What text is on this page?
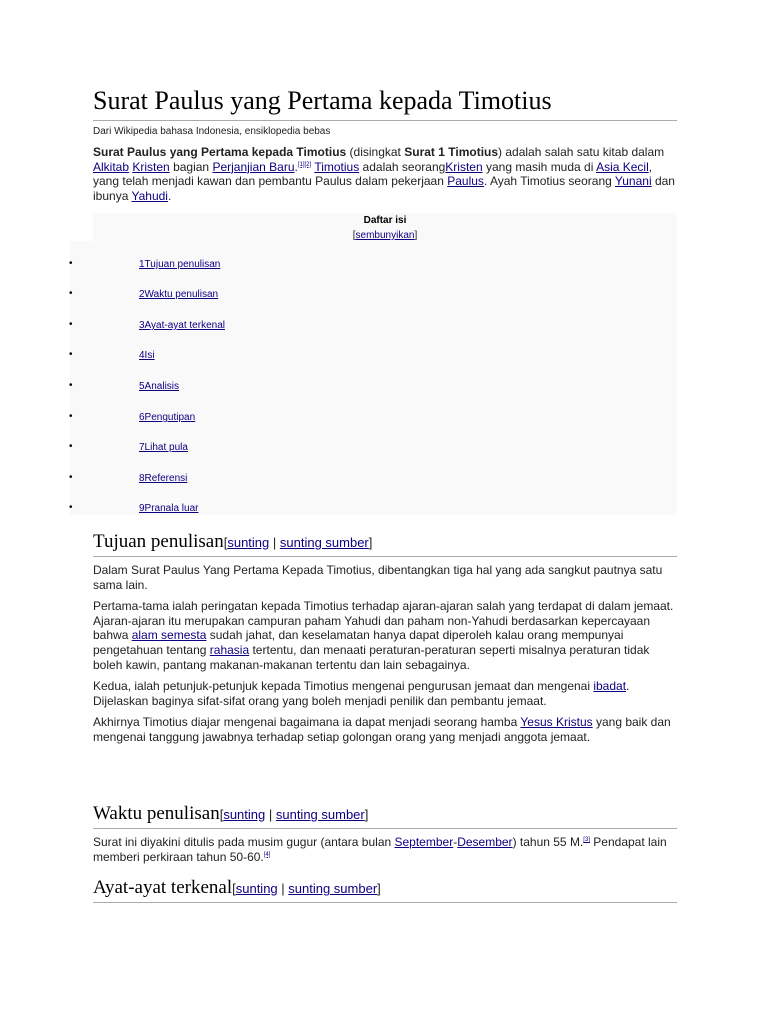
Surat Paulus yang Pertama kepada Timotius
Dari Wikipedia bahasa Indonesia, ensiklopedia bebas

Surat Paulus yang Pertama kepada Timotius (disingkat Surat 1 Timotius) adalah salah satu kitab dalam Alkitab Kristen bagian Perjanjian Baru.[1][2] Timotius adalah seorangKristen yang masih muda di Asia Kecil, yang telah menjadi kawan dan pembantu Paulus dalam pekerjaan Paulus. Ayah Timotius seorang Yunani dan ibunya Yahudi.

Daftar isi
[sembunyikan]
•	1Tujuan penulisan
•	2Waktu penulisan
•	3Ayat-ayat terkenal
•	4Isi
•	5Analisis
•	6Pengutipan
•	7Lihat pula
•	8Referensi
•	9Pranala luar
Tujuan penulisan[sunting | sunting sumber]

Dalam Surat Paulus Yang Pertama Kepada Timotius, dibentangkan tiga hal yang ada sangkut pautnya satu sama lain.

Pertama-tama ialah peringatan kepada Timotius terhadap ajaran-ajaran salah yang terdapat di dalam jemaat. Ajaran-ajaran itu merupakan campuran paham Yahudi dan paham non-Yahudi berdasarkan kepercayaan bahwa alam semesta sudah jahat, dan keselamatan hanya dapat diperoleh kalau orang mempunyai pengetahuan tentang rahasia tertentu, dan menaati peraturan-peraturan seperti misalnya peraturan tidak boleh kawin, pantang makanan-makanan tertentu dan lain sebagainya.

Kedua, ialah petunjuk-petunjuk kepada Timotius mengenai pengurusan jemaat dan mengenai ibadat. Dijelaskan baginya sifat-sifat orang yang boleh menjadi penilik dan pembantu jemaat.

Akhirnya Timotius diajar mengenai bagaimana ia dapat menjadi seorang hamba Yesus Kristus yang baik dan mengenai tanggung jawabnya terhadap setiap golongan orang yang menjadi anggota jemaat.

Waktu penulisan[sunting | sunting sumber]

Surat ini diyakini ditulis pada musim gugur (antara bulan September-Desember) tahun 55 M.[3] Pendapat lain memberi perkiraan tahun 50-60.[4]

Ayat-ayat terkenal[sunting | sunting sumber]
